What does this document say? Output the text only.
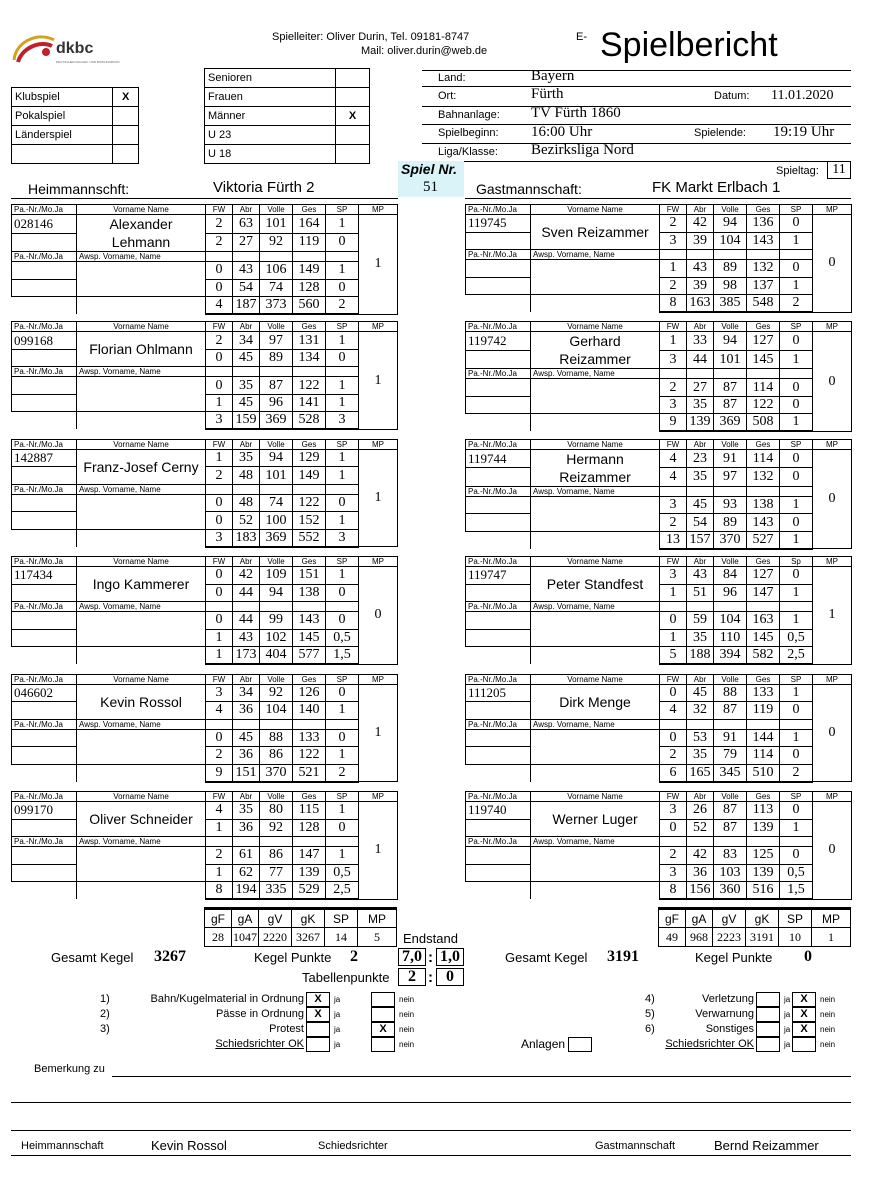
dkbc
DEUTSCHER KEGLER- UND BOWLINGBUND
Spielleiter: Oliver Durin, Tel. 09181-8747
Mail: oliver.durin@web.de
E- Spielbericht
Klubspiel	X
Pokalspiel	
Länderspiel	

Senioren	
Frauen	
Männer	X
U 23	
U 18	
Land:	Bayern
Ort:	Fürth	Datum: 11.01.2020
Bahnanlage: TV Fürth 1860
Spielbeginn: 16:00 Uhr	Spielende: 19:19 Uhr
Liga/Klasse: Bezirksliga Nord
Spiel Nr.
51
Spieltag: 11
Heimmannschft:	Viktoria Fürth 2	Gastmannschaft:	FK Markt Erlbach 1
Pa.-Nr./Mo.Ja	Vorname Name	FW	Abr	Volle	Ges	SP	MP
028146	Alexander Lehmann	2	63	101	164	1	1
		2	27	92	119	0	
Pa.-Nr./Mo.Ja	Awsp. Vorname, Name						
		0	43	106	149	1	
		0	54	74	128	0	
		4	187	373	560	2	
Pa.-Nr./Mo.Ja	Vorname Name	FW	Abr	Volle	Ges	SP	MP
099168	Florian Ohlmann	2	34	97	131	1	1
		0	45	89	134	0	
Pa.-Nr./Mo.Ja	Awsp. Vorname, Name						
		0	35	87	122	1	
		1	45	96	141	1	
		3	159	369	528	3	
Pa.-Nr./Mo.Ja	Vorname Name	FW	Abr	Volle	Ges	SP	MP
142887	Franz-Josef Cerny	1	35	94	129	1	1
		2	48	101	149	1	
Pa.-Nr./Mo.Ja	Awsp. Vorname, Name						
		0	48	74	122	0	
		0	52	100	152	1	
		3	183	369	552	3	
Pa.-Nr./Mo.Ja	Vorname Name	FW	Abr	Volle	Ges	SP	MP
117434	Ingo Kammerer	0	42	109	151	1	0
		0	44	94	138	0	
Pa.-Nr./Mo.Ja	Awsp. Vorname, Name						
		0	44	99	143	0	
		1	43	102	145	0,5	
		1	173	404	577	1,5	
Pa.-Nr./Mo.Ja	Vorname Name	FW	Abr	Volle	Ges	SP	MP
046602	Kevin Rossol	3	34	92	126	0	1
		4	36	104	140	1	
Pa.-Nr./Mo.Ja	Awsp. Vorname, Name						
		0	45	88	133	0	
		2	36	86	122	1	
		9	151	370	521	2	
Pa.-Nr./Mo.Ja	Vorname Name	FW	Abr	Volle	Ges	SP	MP
099170	Oliver Schneider	4	35	80	115	1	1
		1	36	92	128	0	
Pa.-Nr./Mo.Ja	Awsp. Vorname, Name						
		2	61	86	147	1	
		1	62	77	139	0,5	
		8	194	335	529	2,5	
Pa.-Nr./Mo.Ja	Vorname Name	FW	Abr	Volle	Ges	SP	MP
119745	Sven Reizammer	2	42	94	136	0	0
		3	39	104	143	1	
Pa.-Nr./Mo.Ja	Awsp. Vorname, Name						
		1	43	89	132	0	
		2	39	98	137	1	
		8	163	385	548	2	
Pa.-Nr./Mo.Ja	Vorname Name	FW	Abr	Volle	Ges	SP	MP
119742	Gerhard Reizammer	1	33	94	127	0	0
		3	44	101	145	1	
Pa.-Nr./Mo.Ja	Awsp. Vorname, Name						
		2	27	87	114	0	
		3	35	87	122	0	
		9	139	369	508	1	
Pa.-Nr./Mo.Ja	Vorname Name	FW	Abr	Volle	Ges	SP	MP
119744	Hermann Reizammer	4	23	91	114	0	0
		4	35	97	132	0	
Pa.-Nr./Mo.Ja	Awsp. Vorname, Name						
		3	45	93	138	1	
		2	54	89	143	0	
		13	157	370	527	1	
Pa.-Nr./Mo.Ja	Vorname Name	FW	Abr	Volle	Ges	Sp	MP
119747	Peter Standfest	3	43	84	127	0	1
		1	51	96	147	1	
Pa.-Nr./Mo.Ja	Awsp. Vorname, Name						
		0	59	104	163	1	
		1	35	110	145	0,5	
		5	188	394	582	2,5	
Pa.-Nr./Mo.Ja	Vorname Name	FW	Abr	Volle	Ges	SP	MP
111205	Dirk Menge	0	45	88	133	1	0
		4	32	87	119	0	
Pa.-Nr./Mo.Ja	Awsp. Vorname, Name						
		0	53	91	144	1	
		2	35	79	114	0	
		6	165	345	510	2	
Pa.-Nr./Mo.Ja	Vorname Name	FW	Abr	Volle	Ges	SP	MP
119740	Werner Luger	3	26	87	113	0	0
		0	52	87	139	1	
Pa.-Nr./Mo.Ja	Awsp. Vorname, Name						
		2	42	83	125	0	
		3	36	103	139	0,5	
		8	156	360	516	1,5	
gF	gA	gV	gK	SP	MP
28	1047	2220	3267	14	5
gF	gA	gV	gK	SP	MP
49	968	2223	3191	10	1
Endstand
Gesamt Kegel 3267	Kegel Punkte 2	7,0 : 1,0	Gesamt Kegel 3191	Kegel Punkte 0
Tabellenpunkte	2 : 0
1)	Bahn/Kugelmaterial in Ordnung X	ja	nein
2)	Pässe in Ordnung X	ja	nein
3)	Protest	ja	X	nein
Schiedsrichter OK	ja	nein
4)	Verletzung	ja X	nein
5)	Verwarnung	ja X	nein
6)	Sonstiges	ja X	nein
Schiedsrichter OK	ja	nein
Anlagen
Bemerkung zu
Heimmannschaft	Kevin Rossol	Schiedsrichter	Gastmannschaft	Bernd Reizammer
